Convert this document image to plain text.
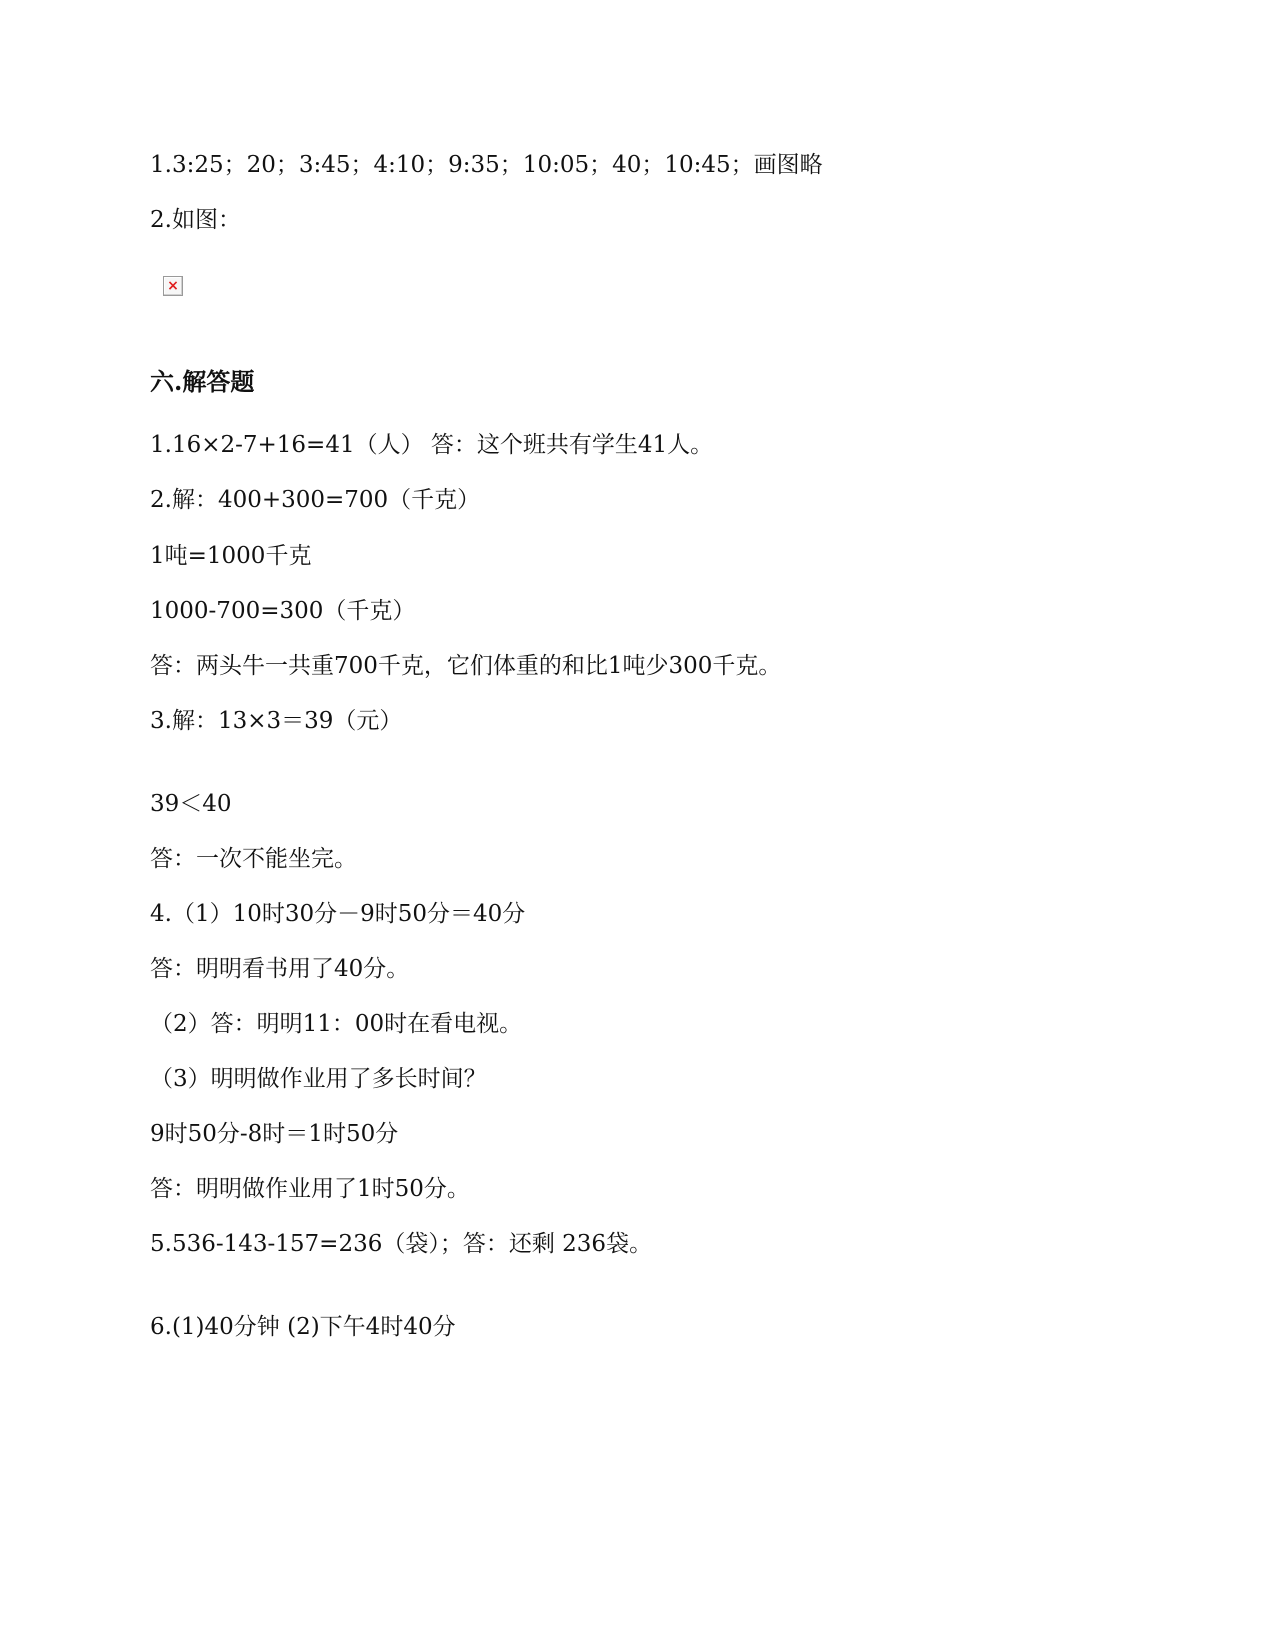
1.3:25；20；3:45；4:10；9:35；10:05；40；10:45；画图略

2.如图：

×

六.解答题

1.16×2-7+16=41（人） 答：这个班共有学生41人。

2.解：400+300=700（千克）

1吨=1000千克

1000-700=300（千克）

答：两头牛一共重700千克，它们体重的和比1吨少300千克。

3.解：13×3＝39（元）

39＜40

答：一次不能坐完。

4.（1）10时30分－9时50分＝40分

答：明明看书用了40分。

（2）答：明明11：00时在看电视。

（3）明明做作业用了多长时间？

9时50分-8时＝1时50分

答：明明做作业用了1时50分。

5.536-143-157=236（袋）；答：还剩 236袋。

6.(1)40分钟 (2)下午4时40分
